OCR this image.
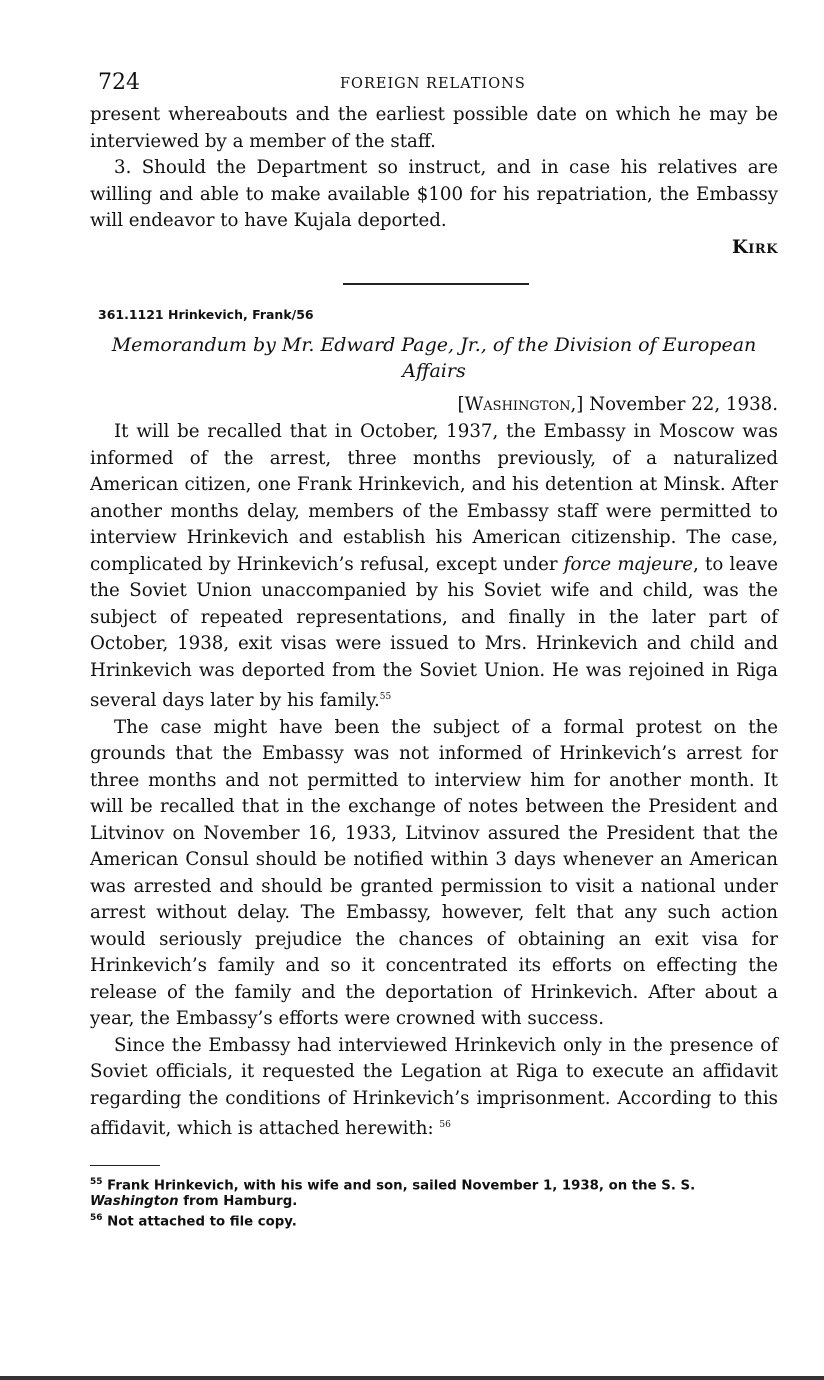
724	FOREIGN RELATIONS

present whereabouts and the earliest possible date on which he may be interviewed by a member of the staff.

3. Should the Department so instruct, and in case his relatives are willing and able to make available $100 for his repatriation, the Embassy will endeavor to have Kujala deported.

Kirk

361.1121 Hrinkevich, Frank/56

Memorandum by Mr. Edward Page, Jr., of the Division of European Affairs

[Washington,] November 22, 1938.

It will be recalled that in October, 1937, the Embassy in Moscow was informed of the arrest, three months previously, of a naturalized American citizen, one Frank Hrinkevich, and his detention at Minsk. After another months delay, members of the Embassy staff were permitted to interview Hrinkevich and establish his American citizenship. The case, complicated by Hrinkevich’s refusal, except under force majeure, to leave the Soviet Union unaccompanied by his Soviet wife and child, was the subject of repeated representations, and finally in the later part of October, 1938, exit visas were issued to Mrs. Hrinkevich and child and Hrinkevich was deported from the Soviet Union. He was rejoined in Riga several days later by his family.$^{55}$

The case might have been the subject of a formal protest on the grounds that the Embassy was not informed of Hrinkevich’s arrest for three months and not permitted to interview him for another month. It will be recalled that in the exchange of notes between the President and Litvinov on November 16, 1933, Litvinov assured the President that the American Consul should be notified within 3 days whenever an American was arrested and should be granted permission to visit a national under arrest without delay. The Embassy, however, felt that any such action would seriously prejudice the chances of obtaining an exit visa for Hrinkevich’s family and so it concentrated its efforts on effecting the release of the family and the deportation of Hrinkevich. After about a year, the Embassy’s efforts were crowned with success.

Since the Embassy had interviewed Hrinkevich only in the presence of Soviet officials, it requested the Legation at Riga to execute an affidavit regarding the conditions of Hrinkevich’s imprisonment. According to this affidavit, which is attached herewith: $^{56}$

$^{55}$ Frank Hrinkevich, with his wife and son, sailed November 1, 1938, on the S. S. Washington from Hamburg.

$^{56}$ Not attached to file copy.
